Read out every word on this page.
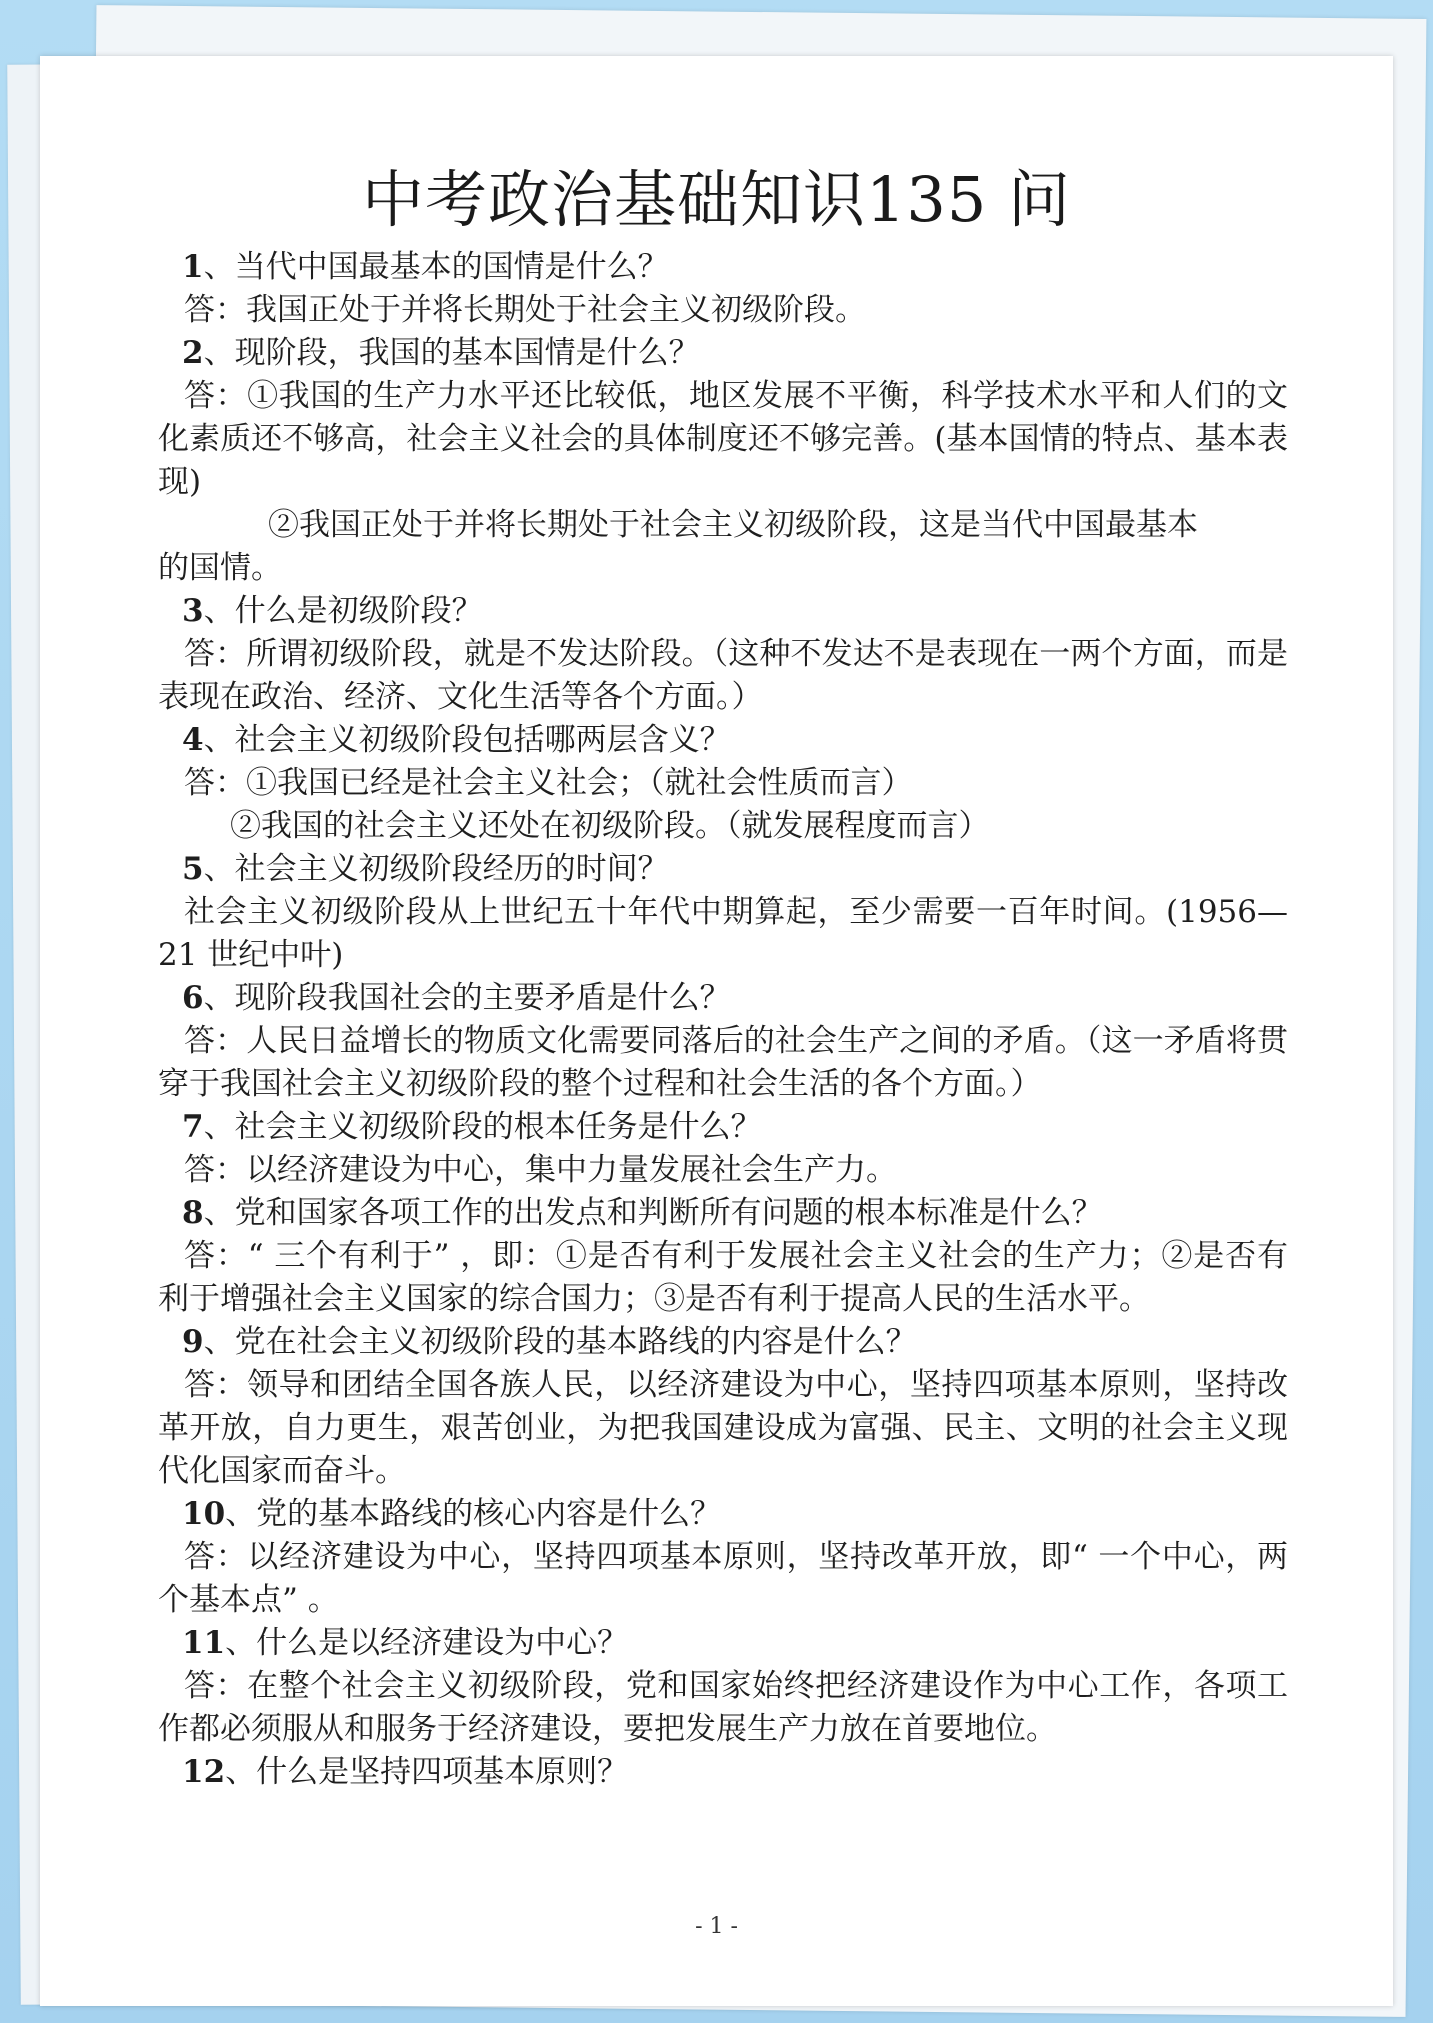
中考政治基础知识135 问
1、当代中国最基本的国情是什么？
答：我国正处于并将长期处于社会主义初级阶段。
2、现阶段，我国的基本国情是什么？
答：①我国的生产力水平还比较低，地区发展不平衡，科学技术水平和人们的文化素质还不够高，社会主义社会的具体制度还不够完善。(基本国情的特点、基本表现)
②我国正处于并将长期处于社会主义初级阶段，这是当代中国最基本
的国情。
3、什么是初级阶段？
答：所谓初级阶段，就是不发达阶段。（这种不发达不是表现在一两个方面，而是表现在政治、经济、文化生活等各个方面。）
4、社会主义初级阶段包括哪两层含义？
答：①我国已经是社会主义社会；（就社会性质而言）
②我国的社会主义还处在初级阶段。（就发展程度而言）
5、社会主义初级阶段经历的时间？
社会主义初级阶段从上世纪五十年代中期算起，至少需要一百年时间。(1956—21 世纪中叶)
6、现阶段我国社会的主要矛盾是什么？
答：人民日益增长的物质文化需要同落后的社会生产之间的矛盾。（这一矛盾将贯穿于我国社会主义初级阶段的整个过程和社会生活的各个方面。）
7、社会主义初级阶段的根本任务是什么？
答：以经济建设为中心，集中力量发展社会生产力。
8、党和国家各项工作的出发点和判断所有问题的根本标准是什么？
答：“ 三个有利于” ，即：①是否有利于发展社会主义社会的生产力；②是否有利于增强社会主义国家的综合国力；③是否有利于提高人民的生活水平。
9、党在社会主义初级阶段的基本路线的内容是什么？
答：领导和团结全国各族人民，以经济建设为中心，坚持四项基本原则，坚持改革开放，自力更生，艰苦创业，为把我国建设成为富强、民主、文明的社会主义现代化国家而奋斗。
10、党的基本路线的核心内容是什么？
答：以经济建设为中心，坚持四项基本原则，坚持改革开放，即“ 一个中心，两个基本点” 。
11、什么是以经济建设为中心？
答：在整个社会主义初级阶段，党和国家始终把经济建设作为中心工作，各项工作都必须服从和服务于经济建设，要把发展生产力放在首要地位。
12、什么是坚持四项基本原则？
- 1 -
